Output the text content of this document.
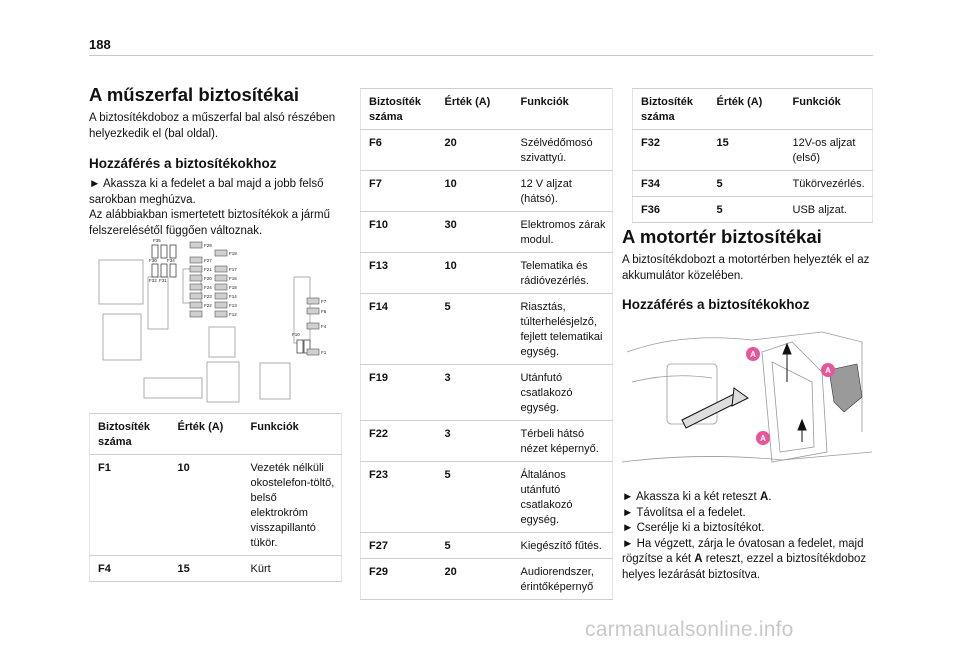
188
A műszerfal biztosítékai

A biztosítékdoboz a műszerfal bal alsó részében helyezkedik el (bal oldal).

Hozzáférés a biztosítékokhoz

► Akassza ki a fedelet a bal majd a jobb felső sarokban meghúzva.

Az alábbiakban ismertetett biztosítékok a jármű felszerelésétől függően változnak.

F35
F30 F34
F32 F31
F29
F19
F27
F21	F17
F20	F16
F24	F18
F23	F14
F22	F13
F12
F7
F6
F4
F10
F1
Biztosíték száma	Érték (A)	Funkciók
F1	10	Vezeték nélküli okostelefon-töltő, belső elektrokróm visszapillantó tükör.
F4	15	Kürt
Biztosíték száma	Érték (A)	Funkciók
F6	20	Szélvédőmosó szivattyú.
F7	10	12 V aljzat (hátsó).
F10	30	Elektromos zárak modul.
F13	10	Telematika és rádióvezérlés.
F14	5	Riasztás, túlterhelésjelző, fejlett telematikai egység.
F19	3	Utánfutó csatlakozó egység.
F22	3	Térbeli hátsó nézet képernyő.
F23	5	Általános utánfutó csatlakozó egység.
F27	5	Kiegészítő fűtés.
F29	20	Audiorendszer, érintőképernyő
Biztosíték száma	Érték (A)	Funkciók
F32	15	12V-os aljzat (első)
F34	5	Tükörvezérlés.
F36	5	USB aljzat.
A motortér biztosítékai

A biztosítékdobozt a motortérben helyezték el az akkumulátor közelében.

Hozzáférés a biztosítékokhoz
A
A
A

► Akassza ki a két reteszt A.

► Távolítsa el a fedelet.

► Cserélje ki a biztosítékot.

► Ha végzett, zárja le óvatosan a fedelet, majd rögzítse a két A reteszt, ezzel a biztosítékdoboz helyes lezárását biztosítva.

carmanualsonline.info
